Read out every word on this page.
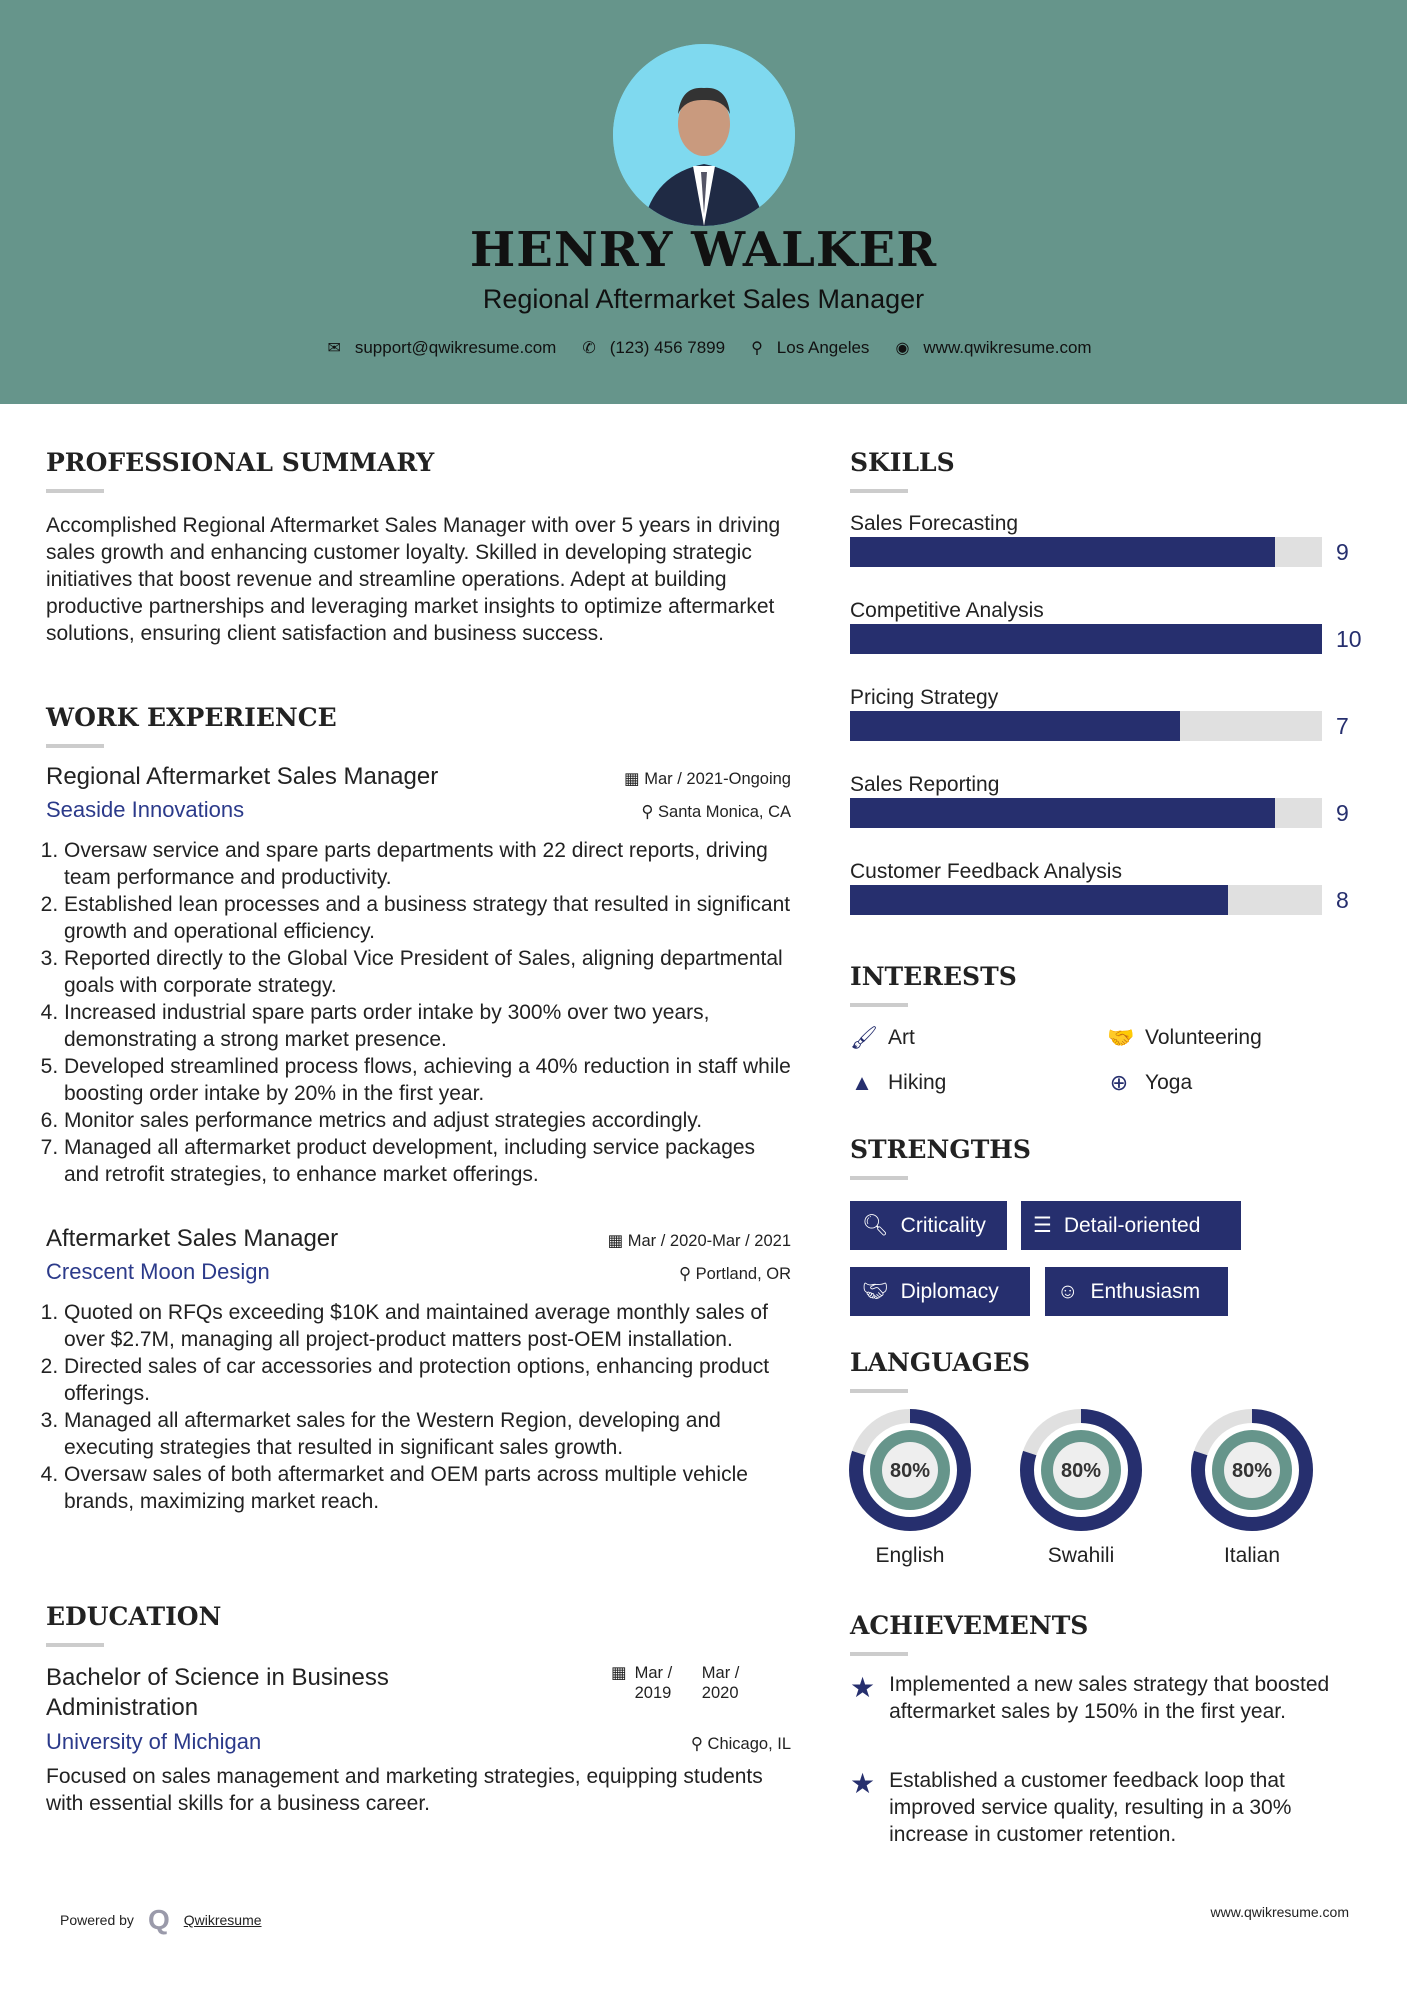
HENRY WALKER
Regional Aftermarket Sales Manager
✉ support@qwikresume.com ✆ (123) 456 7899 ⚲ Los Angeles ◉ www.qwikresume.com
PROFESSIONAL SUMMARY
Accomplished Regional Aftermarket Sales Manager with over 5 years in driving sales growth and enhancing customer loyalty. Skilled in developing strategic initiatives that boost revenue and streamline operations. Adept at building productive partnerships and leveraging market insights to optimize aftermarket solutions, ensuring client satisfaction and business success.
WORK EXPERIENCE
Regional Aftermarket Sales Manager	▦ Mar / 2021-Ongoing
Seaside Innovations	⚲ Santa Monica, CA
1. Oversaw service and spare parts departments with 22 direct reports, driving team performance and productivity.
2. Established lean processes and a business strategy that resulted in significant growth and operational efficiency.
3. Reported directly to the Global Vice President of Sales, aligning departmental goals with corporate strategy.
4. Increased industrial spare parts order intake by 300% over two years, demonstrating a strong market presence.
5. Developed streamlined process flows, achieving a 40% reduction in staff while boosting order intake by 20% in the first year.
6. Monitor sales performance metrics and adjust strategies accordingly.
7. Managed all aftermarket product development, including service packages and retrofit strategies, to enhance market offerings.
Aftermarket Sales Manager	▦ Mar / 2020-Mar / 2021
Crescent Moon Design	⚲ Portland, OR
1. Quoted on RFQs exceeding $10K and maintained average monthly sales of over $2.7M, managing all project-product matters post-OEM installation.
2. Directed sales of car accessories and protection options, enhancing product offerings.
3. Managed all aftermarket sales for the Western Region, developing and executing strategies that resulted in significant sales growth.
4. Oversaw sales of both aftermarket and OEM parts across multiple vehicle brands, maximizing market reach.
EDUCATION
Bachelor of Science in Business Administration
▦ Mar / 2019
Mar / 2020
University of Michigan	⚲ Chicago, IL
Focused on sales management and marketing strategies, equipping students with essential skills for a business career.
SKILLS
Sales Forecasting
9
Competitive Analysis
10
Pricing Strategy
7
Sales Reporting
9
Customer Feedback Analysis
8
INTERESTS
🖌 Art	🤝 Volunteering
▲ Hiking	⊕ Yoga
STRENGTHS
🔍︎ Criticality ☰ Detail-oriented
🤝︎ Diplomacy	☺ Enthusiasm
LANGUAGES
80%
English
80%
Swahili
80%
Italian
ACHIEVEMENTS
★ Implemented a new sales strategy that boosted aftermarket sales by 150% in the first year.
★ Established a customer feedback loop that improved service quality, resulting in a 30% increase in customer retention.
Powered by Q Qwikresume	www.qwikresume.com
